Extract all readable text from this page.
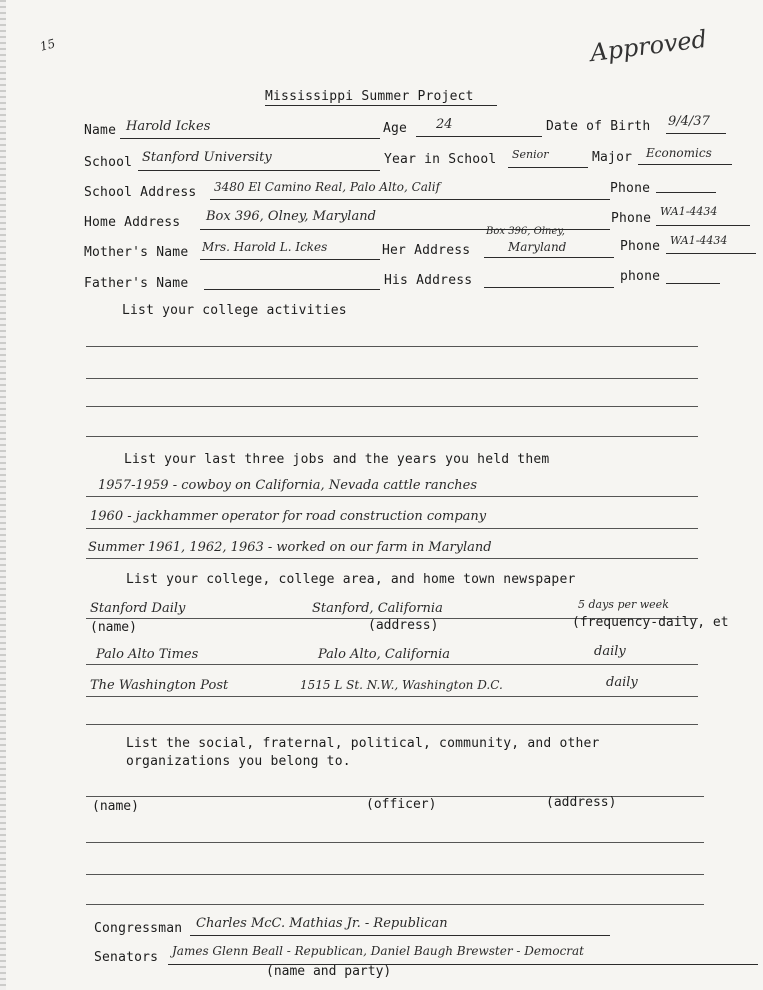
15	Approved
Mississippi Summer Project
Name Harold Ickes	Age 24	Date of Birth 9/4/37
School Stanford University	Year in School Senior	Major Economics
School Address 3480 El Camino Real, Palo Alto, Calif	Phone
Home Address Box 396, Olney, Maryland	Phone WA1-4434
Mother's Name Mrs. Harold L. Ickes	Her Address
Box 396, Olney,
Maryland	Phone WA1-4434
Father's Name	His Address	phone
List your college activities
List your last three jobs and the years you held them
1957-1959 - cowboy on California, Nevada cattle ranches
1960 - jackhammer operator for road construction company
Summer 1961, 1962, 1963 - worked on our farm in Maryland
List your college, college area, and home town newspaper
Stanford Daily	Stanford, California	5 days per week
(name)	(address)	(frequency-daily, et
Palo Alto Times	Palo Alto, California	daily
The Washington Post	1515 L St. N.W., Washington D.C.	daily
List the social, fraternal, political, community, and other
organizations you belong to.
(name)	(officer)	(address)
Congressman Charles McC. Mathias Jr. - Republican
Senators James Glenn Beall - Republican, Daniel Baugh Brewster - Democrat
(name and party)
